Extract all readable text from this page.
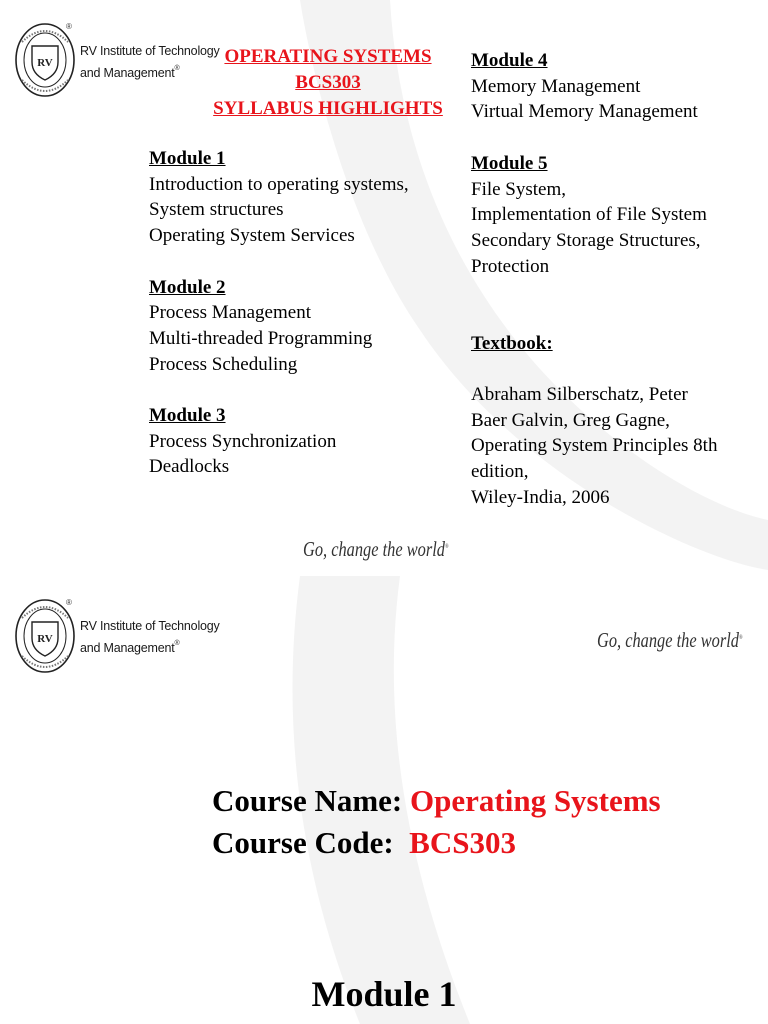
RV
®
RV Institute of Technology
and Management®
OPERATING SYSTEMS
BCS303
SYLLABUS HIGHLIGHTS
Module 1
Introduction to operating systems,
System structures
Operating System Services
Module 2
Process Management
Multi-threaded Programming
Process Scheduling
Module 3
Process Synchronization
Deadlocks
Module 4
Memory Management
Virtual Memory Management
Module 5
File System,
Implementation of File System
Secondary Storage Structures,
Protection
Textbook:
Abraham Silberschatz, Peter
Baer Galvin, Greg Gagne,
Operating System Principles 8th
edition,
Wiley-India, 2006
Go, change the world®
RV
®
RV Institute of Technology
and Management®	Go, change the world®
Course Name: Operating Systems
Course Code: BCS303
Module 1
